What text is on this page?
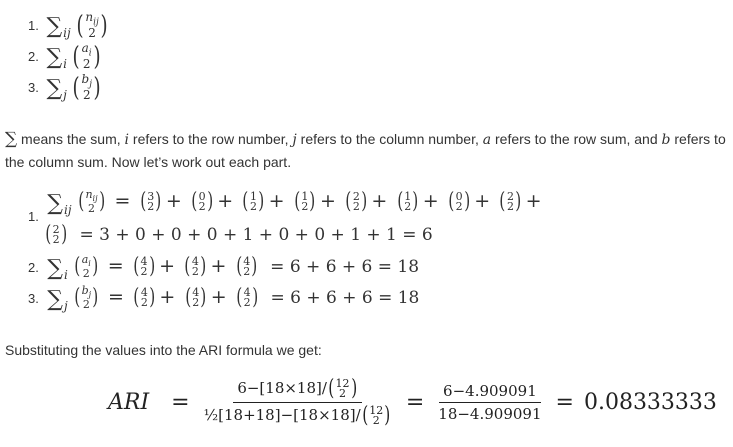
1. $\sum_{ij}$ ( $n_{ij}$
2 )
2. $\sum_i$ ( $a_i$
2 )
3. $\sum_j$ ( $b_j$
2 )
∑ means the sum, i refers to the row number, j refers to the column number, a refers to the row sum, and b refers to the column sum. Now let’s work out each part.
1. $\sum_{ij}$ ( $n_{ij}$
2 ) = ( 3
2 ) + ( 0
2 ) + ( 1
2 ) + ( 1
2 ) + ( 2
2 ) + ( 1
2 ) + ( 0
2 ) + ( 2
2 ) +
( 2
2 ) = 3 + 0 + 0 + 0 + 1 + 0 + 0 + 1 + 1 = 6
2. $\sum_i$ ( $a_i$
2 ) = ( 4
2 ) + ( 4
2 ) + ( 4
2 ) = 6 + 6 + 6 = 18
3. $\sum_j$ ( $b_j$
2 ) = ( 4
2 ) + ( 4
2 ) + ( 4
2 ) = 6 + 6 + 6 = 18
Substituting the values into the ARI formula we get:
ARI = 6−[18×18]/ ( 12
2 )
½[18+18]−[18×18]/ ( 12
2 ) = $\frac{6-4.909091}{18-4.909091} = 0.08333333$
